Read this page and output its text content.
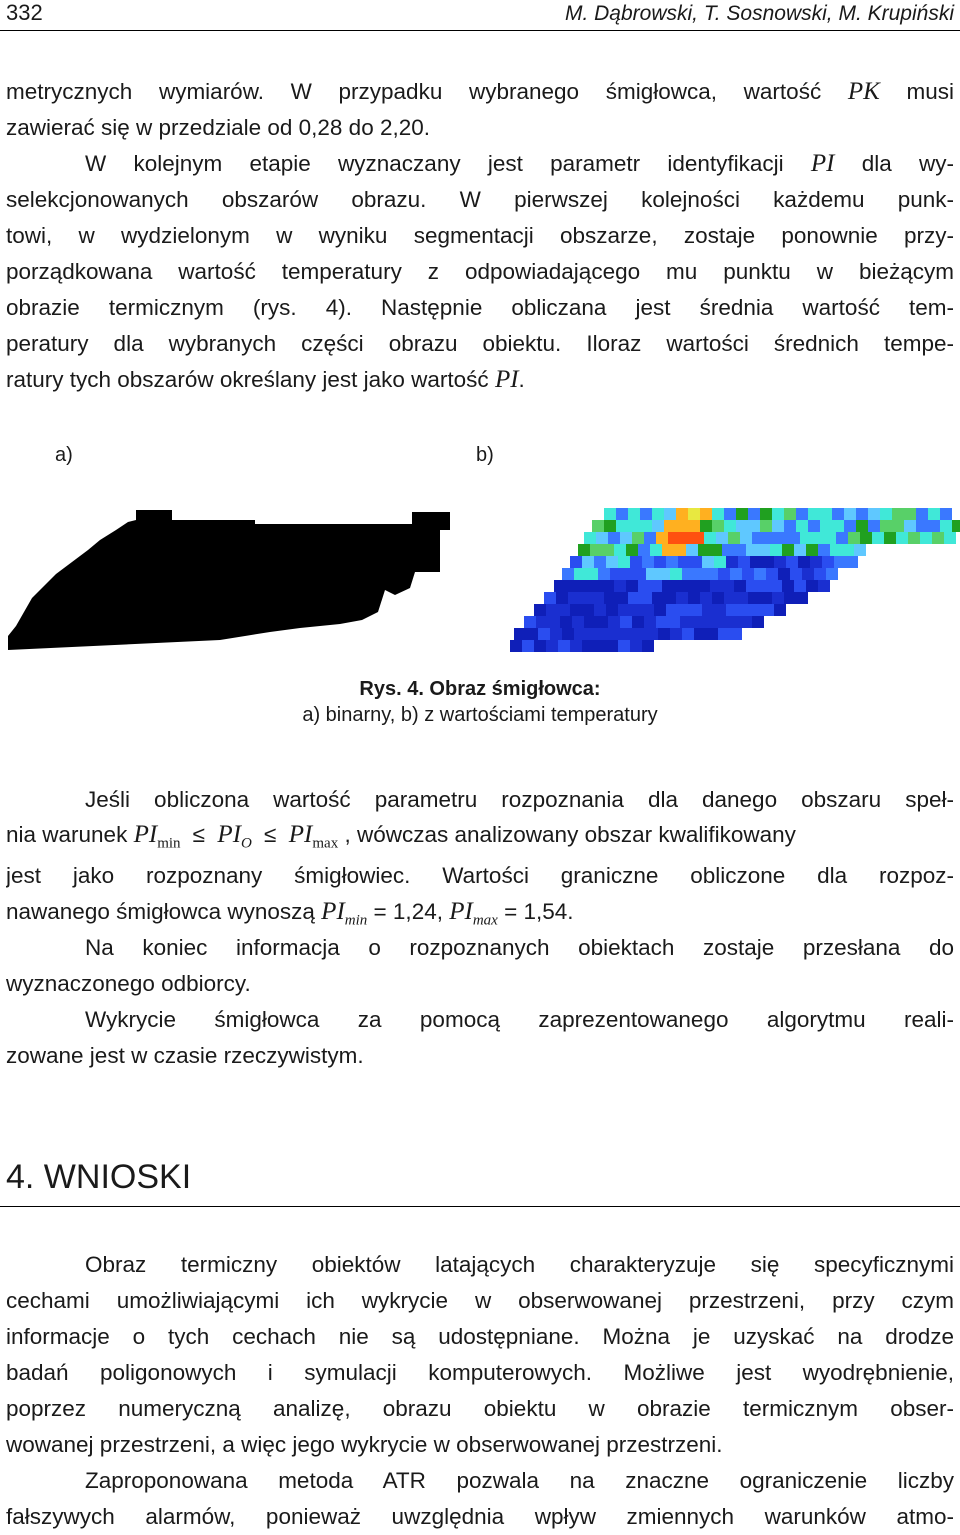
332	M. Dąbrowski, T. Sosnowski, M. Krupiński
metrycznych wymiarów. W przypadku wybranego śmigłowca, wartość PK musi
zawierać się w przedziale od 0,28 do 2,20.
W kolejnym etapie wyznaczany jest parametr identyfikacji PI dla wy-
selekcjonowanych obszarów obrazu. W pierwszej kolejności każdemu punk-
towi, w wydzielonym w wyniku segmentacji obszarze, zostaje ponownie przy-
porządkowana wartość temperatury z odpowiadającego mu punktu w bieżącym
obrazie termicznym (rys. 4). Następnie obliczana jest średnia wartość tem-
peratury dla wybranych części obrazu obiektu. Iloraz wartości średnich tempe-
ratury tych obszarów określany jest jako wartość PI.
a)	b)
Rys. 4. Obraz śmigłowca:
a) binarny, b) z wartościami temperatury
Jeśli obliczona wartość parametru rozpoznania dla danego obszaru speł-
nia warunek $PI_{min} \le PI_O \le PI_{max}$ , wówczas analizowany obszar kwalifikowany
jest jako rozpoznany śmigłowiec. Wartości graniczne obliczone dla rozpoz-
nawanego śmigłowca wynoszą $PI_{min} = 1,24$, $PI_{max} = 1,54$.
Na koniec informacja o rozpoznanych obiektach zostaje przesłana do
wyznaczonego odbiorcy.
Wykrycie śmigłowca za pomocą zaprezentowanego algorytmu reali-
zowane jest w czasie rzeczywistym.
4. WNIOSKI
Obraz termiczny obiektów latających charakteryzuje się specyficznymi
cechami umożliwiającymi ich wykrycie w obserwowanej przestrzeni, przy czym
informacje o tych cechach nie są udostępniane. Można je uzyskać na drodze
badań poligonowych i symulacji komputerowych. Możliwe jest wyodrębnienie,
poprzez numeryczną analizę, obrazu obiektu w obrazie termicznym obser-
wowanej przestrzeni, a więc jego wykrycie w obserwowanej przestrzeni.
Zaproponowana metoda ATR pozwala na znaczne ograniczenie liczby
fałszywych alarmów, ponieważ uwzględnia wpływ zmiennych warunków atmo-
